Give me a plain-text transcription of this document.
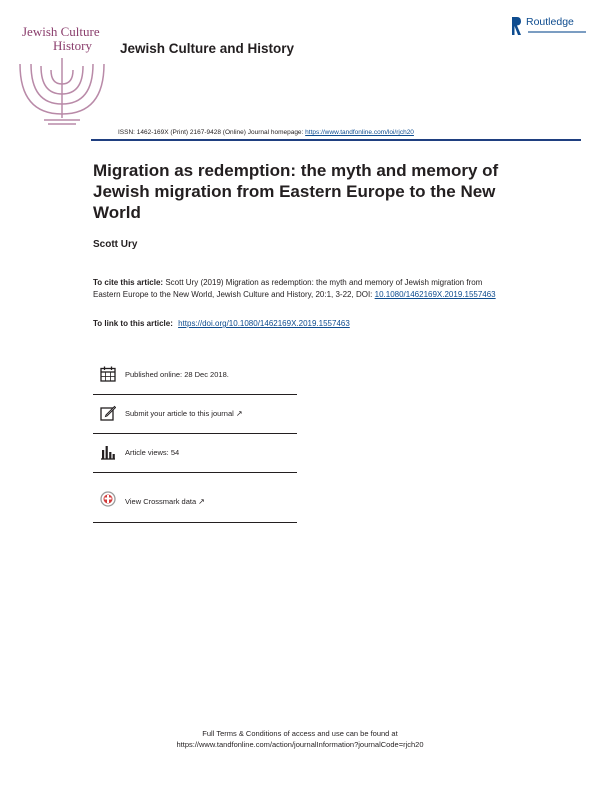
Jewish Culture
History Jewish Culture and History
Routledge
ISSN: 1462-169X (Print) 2167-9428 (Online) Journal homepage: https://www.tandfonline.com/loi/rjch20
Migration as redemption: the myth and memory of Jewish migration from Eastern Europe to the New World
Scott Ury
To cite this article: Scott Ury (2019) Migration as redemption: the myth and memory of Jewish migration from Eastern Europe to the New World, Jewish Culture and History, 20:1, 3-22, DOI: 10.1080/1462169X.2019.1557463
To link to this article: https://doi.org/10.1080/1462169X.2019.1557463
Published online: 28 Dec 2018.
Submit your article to this journal ↗
Article views: 54
View Crossmark data ↗
Full Terms & Conditions of access and use can be found at
https://www.tandfonline.com/action/journalInformation?journalCode=rjch20
